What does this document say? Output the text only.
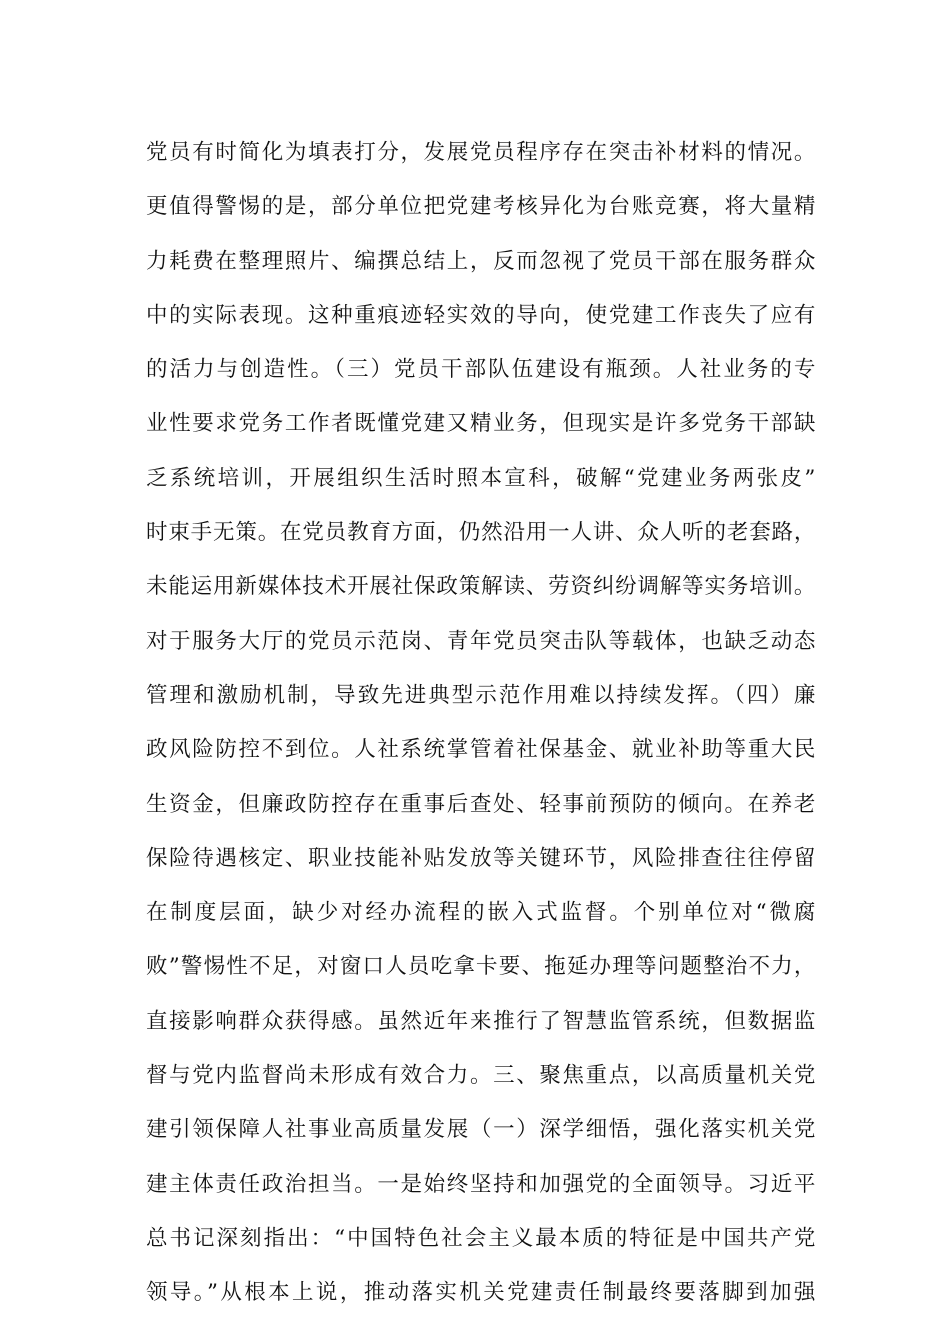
党员有时简化为填表打分，发展党员程序存在突击补材料的情况。
更值得警惕的是，部分单位把党建考核异化为台账竞赛，将大量精
力耗费在整理照片、编撰总结上，反而忽视了党员干部在服务群众
中的实际表现。这种重痕迹轻实效的导向，使党建工作丧失了应有
的活力与创造性。（三）党员干部队伍建设有瓶颈。人社业务的专
业性要求党务工作者既懂党建又精业务，但现实是许多党务干部缺
乏系统培训，开展组织生活时照本宣科，破解“党建业务两张皮”
时束手无策。在党员教育方面，仍然沿用一人讲、众人听的老套路，
未能运用新媒体技术开展社保政策解读、劳资纠纷调解等实务培训。
对于服务大厅的党员示范岗、青年党员突击队等载体，也缺乏动态
管理和激励机制，导致先进典型示范作用难以持续发挥。（四）廉
政风险防控不到位。人社系统掌管着社保基金、就业补助等重大民
生资金，但廉政防控存在重事后查处、轻事前预防的倾向。在养老
保险待遇核定、职业技能补贴发放等关键环节，风险排查往往停留
在制度层面，缺少对经办流程的嵌入式监督。个别单位对“微腐
败”警惕性不足，对窗口人员吃拿卡要、拖延办理等问题整治不力，
直接影响群众获得感。虽然近年来推行了智慧监管系统，但数据监
督与党内监督尚未形成有效合力。三、聚焦重点，以高质量机关党
建引领保障人社事业高质量发展（一）深学细悟，强化落实机关党
建主体责任政治担当。一是始终坚持和加强党的全面领导。习近平
总书记深刻指出：“中国特色社会主义最本质的特征是中国共产党
领导。”从根本上说，推动落实机关党建责任制最终要落脚到加强
